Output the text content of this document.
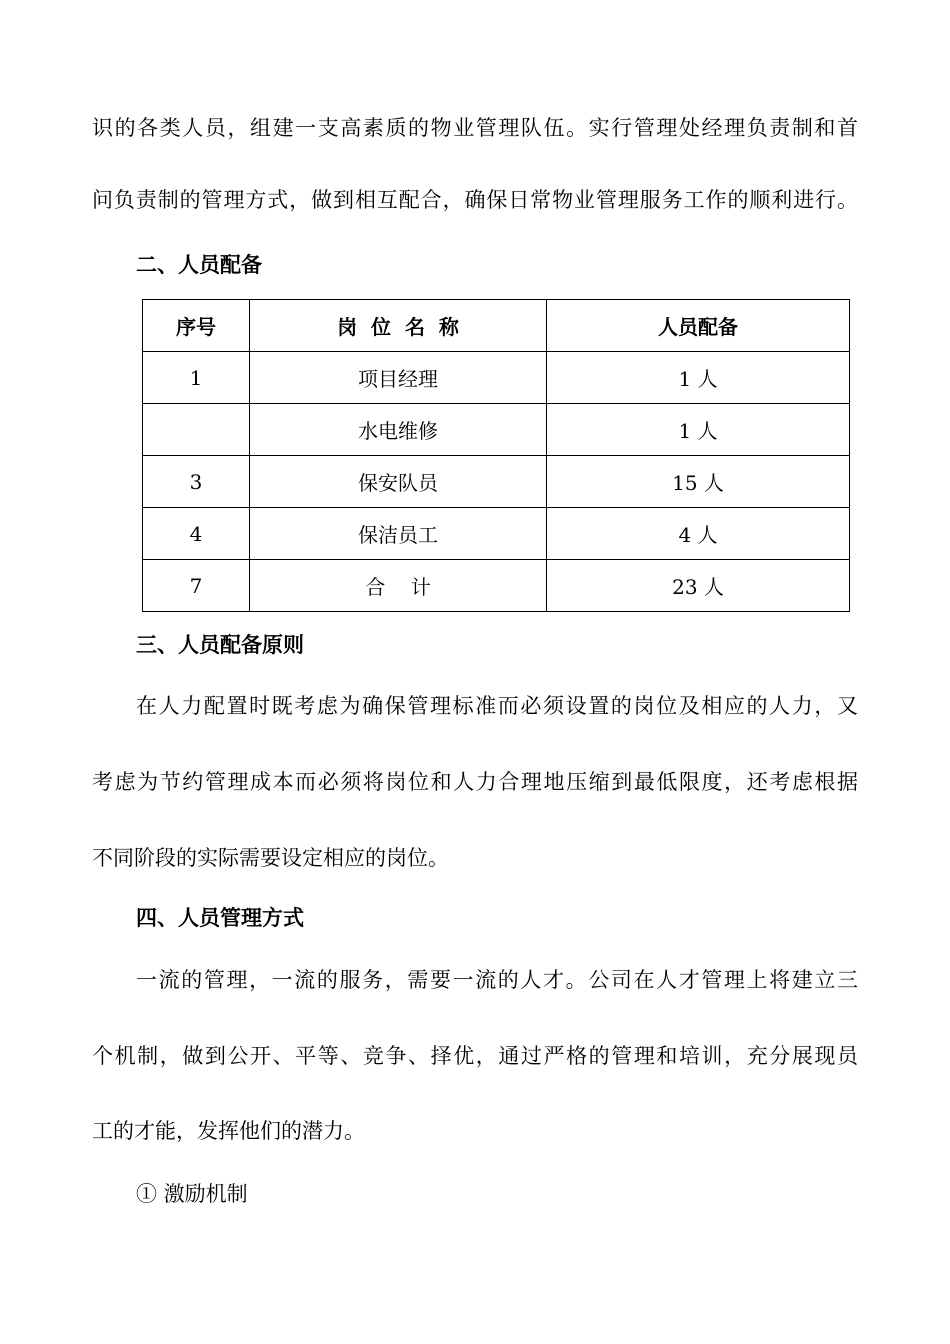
识的各类人员，组建一支高素质的物业管理队伍。实行管理处经理负责制和首
问负责制的管理方式，做到相互配合，确保日常物业管理服务工作的顺利进行。
二、人员配备
序号	岗  位  名  称	人员配备
1	项目经理	1 人
	水电维修	1 人
3	保安队员	15 人
4	保洁员工	4 人
7	合    计	23 人
三、人员配备原则
在人力配置时既考虑为确保管理标准而必须设置的岗位及相应的人力，又
考虑为节约管理成本而必须将岗位和人力合理地压缩到最低限度，还考虑根据
不同阶段的实际需要设定相应的岗位。
四、人员管理方式
一流的管理，一流的服务，需要一流的人才。公司在人才管理上将建立三
个机制，做到公开、平等、竞争、择优，通过严格的管理和培训，充分展现员
工的才能，发挥他们的潜力。
① 激励机制
